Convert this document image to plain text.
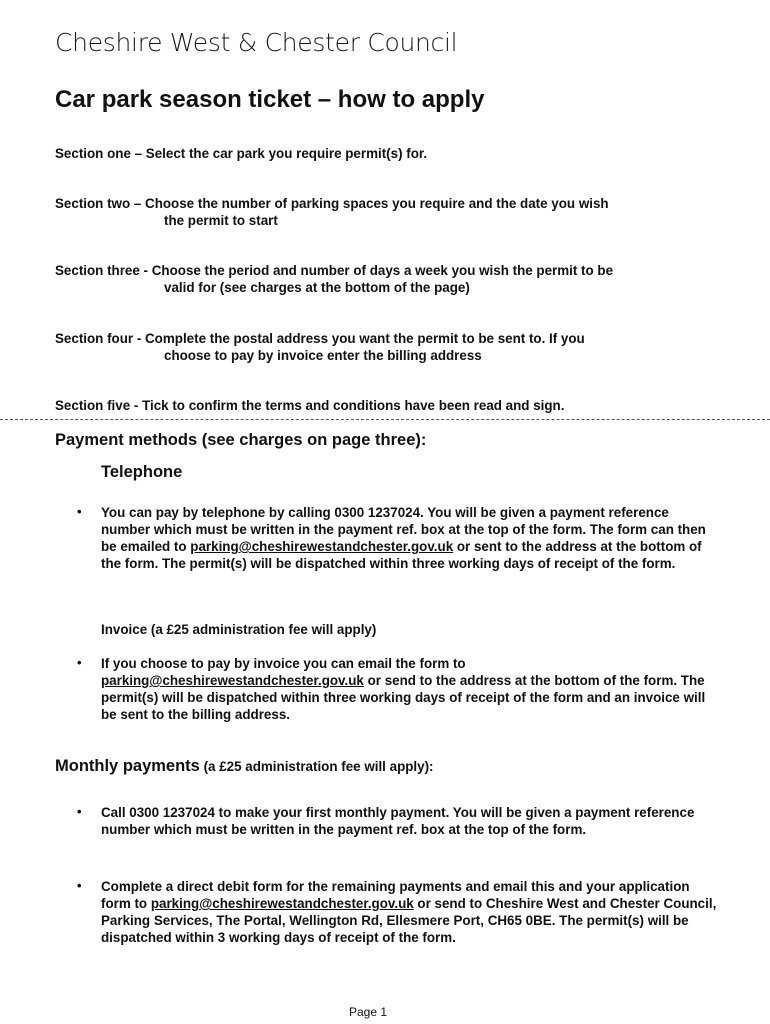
Cheshire West & Chester Council
Car park season ticket – how to apply
Section one – Select the car park you require permit(s) for.
Section two – Choose the number of parking spaces you require and the date you wish
the permit to start
Section three - Choose the period and number of days a week you wish the permit to be
valid for (see charges at the bottom of the page)
Section four - Complete the postal address you want the permit to be sent to. If you
choose to pay by invoice enter the billing address
Section five - Tick to confirm the terms and conditions have been read and sign.
Payment methods (see charges on page three):
Telephone
• You can pay by telephone by calling 0300 1237024. You will be given a payment reference number which must be written in the payment ref. box at the top of the form. The form can then be emailed to parking@cheshirewestandchester.gov.uk or sent to the address at the bottom of the form. The permit(s) will be dispatched within three working days of receipt of the form.
Invoice (a £25 administration fee will apply)
• If you choose to pay by invoice you can email the form to parking@cheshirewestandchester.gov.uk or send to the address at the bottom of the form. The permit(s) will be dispatched within three working days of receipt of the form and an invoice will be sent to the billing address.
Monthly payments (a £25 administration fee will apply):
• Call 0300 1237024 to make your first monthly payment. You will be given a payment reference number which must be written in the payment ref. box at the top of the form.
• Complete a direct debit form for the remaining payments and email this and your application form to parking@cheshirewestandchester.gov.uk or send to Cheshire West and Chester Council, Parking Services, The Portal, Wellington Rd, Ellesmere Port, CH65 0BE. The permit(s) will be dispatched within 3 working days of receipt of the form.
Page 1
